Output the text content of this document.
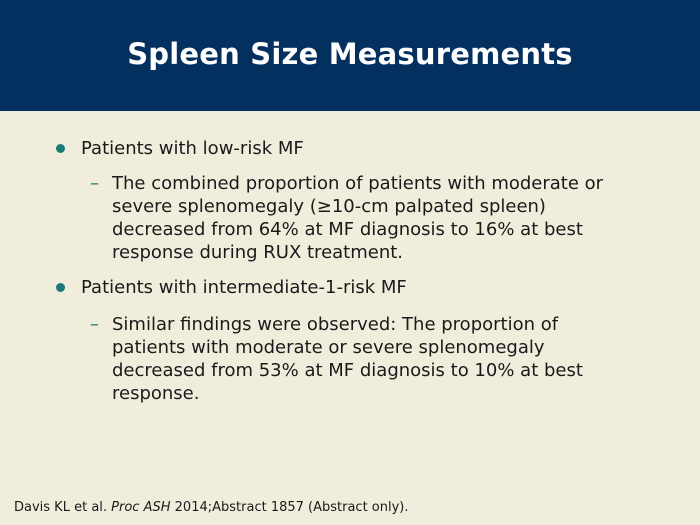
Spleen Size Measurements
Patients with low-risk MF
– The combined proportion of patients with moderate or
severe splenomegaly (≥10-cm palpated spleen)
decreased from 64% at MF diagnosis to 16% at best
response during RUX treatment.
Patients with intermediate-1-risk MF
– Similar findings were observed: The proportion of
patients with moderate or severe splenomegaly
decreased from 53% at MF diagnosis to 10% at best
response.
Davis KL et al. Proc ASH 2014;Abstract 1857 (Abstract only).
